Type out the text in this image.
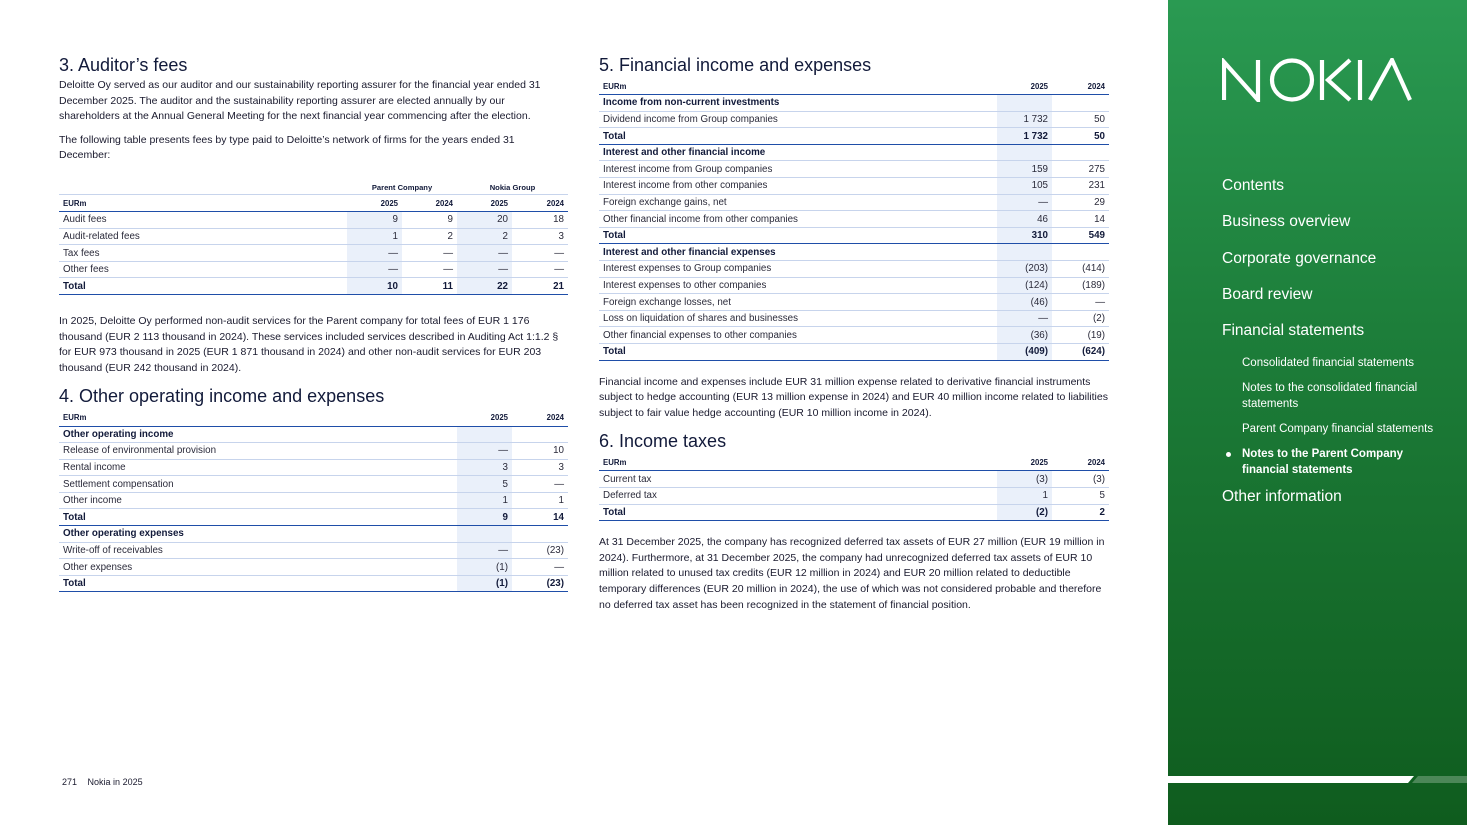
3. Auditor’s fees

Deloitte Oy served as our auditor and our sustainability reporting assurer for the financial year ended 31 December 2025. The auditor and the sustainability reporting assurer are elected annually by our shareholders at the Annual General Meeting for the next financial year commencing after the election.

The following table presents fees by type paid to Deloitte’s network of firms for the years ended 31 December:

	Parent Company		Nokia Group	
EURm	2025	2024	2025	2024
Audit fees	9	9	20	18
Audit-related fees	1	2	2	3
Tax fees	—	—	—	—
Other fees	—	—	—	—
Total	10	11	22	21

In 2025, Deloitte Oy performed non-audit services for the Parent company for total fees of EUR 1 176 thousand (EUR 2 113 thousand in 2024). These services included services described in Auditing Act 1:1.2 § for EUR 973 thousand in 2025 (EUR 1 871 thousand in 2024) and other non-audit services for EUR 203 thousand (EUR 242 thousand in 2024).

4. Other operating income and expenses
EURm	2025	2024
Other operating income		
Release of environmental provision	—	10
Rental income	3	3
Settlement compensation	5	—
Other income	1	1
Total	9	14
Other operating expenses		
Write-off of receivables	—	(23)
Other expenses	(1)	—
Total	(1)	(23)
5. Financial income and expenses
EURm	2025	2024
Income from non-current investments		
Dividend income from Group companies	1 732	50
Total	1 732	50
Interest and other financial income		
Interest income from Group companies	159	275
Interest income from other companies	105	231
Foreign exchange gains, net	—	29
Other financial income from other companies	46	14
Total	310	549
Interest and other financial expenses		
Interest expenses to Group companies	(203)	(414)
Interest expenses to other companies	(124)	(189)
Foreign exchange losses, net	(46)	—
Loss on liquidation of shares and businesses	—	(2)
Other financial expenses to other companies	(36)	(19)
Total	(409)	(624)

Financial income and expenses include EUR 31 million expense related to derivative financial instruments subject to hedge accounting (EUR 13 million expense in 2024) and EUR 40 million income related to liabilities subject to fair value hedge accounting (EUR 10 million income in 2024).

6. Income taxes
EURm	2025	2024
Current tax	(3)	(3)
Deferred tax	1	5
Total	(2)	2

At 31 December 2025, the company has recognized deferred tax assets of EUR 27 million (EUR 19 million in 2024). Furthermore, at 31 December 2025, the company had unrecognized deferred tax assets of EUR 10 million related to unused tax credits (EUR 12 million in 2024) and EUR 20 million related to deductible temporary differences (EUR 20 million in 2024), the use of which was not considered probable and therefore no deferred tax asset has been recognized in the statement of financial position.

271 Nokia in 2025
Contents
Business overview
Corporate governance
Board review
Financial statements
Consolidated financial statements
Notes to the consolidated financial statements
Parent Company financial statements
Notes to the Parent Company financial statements
Other information
